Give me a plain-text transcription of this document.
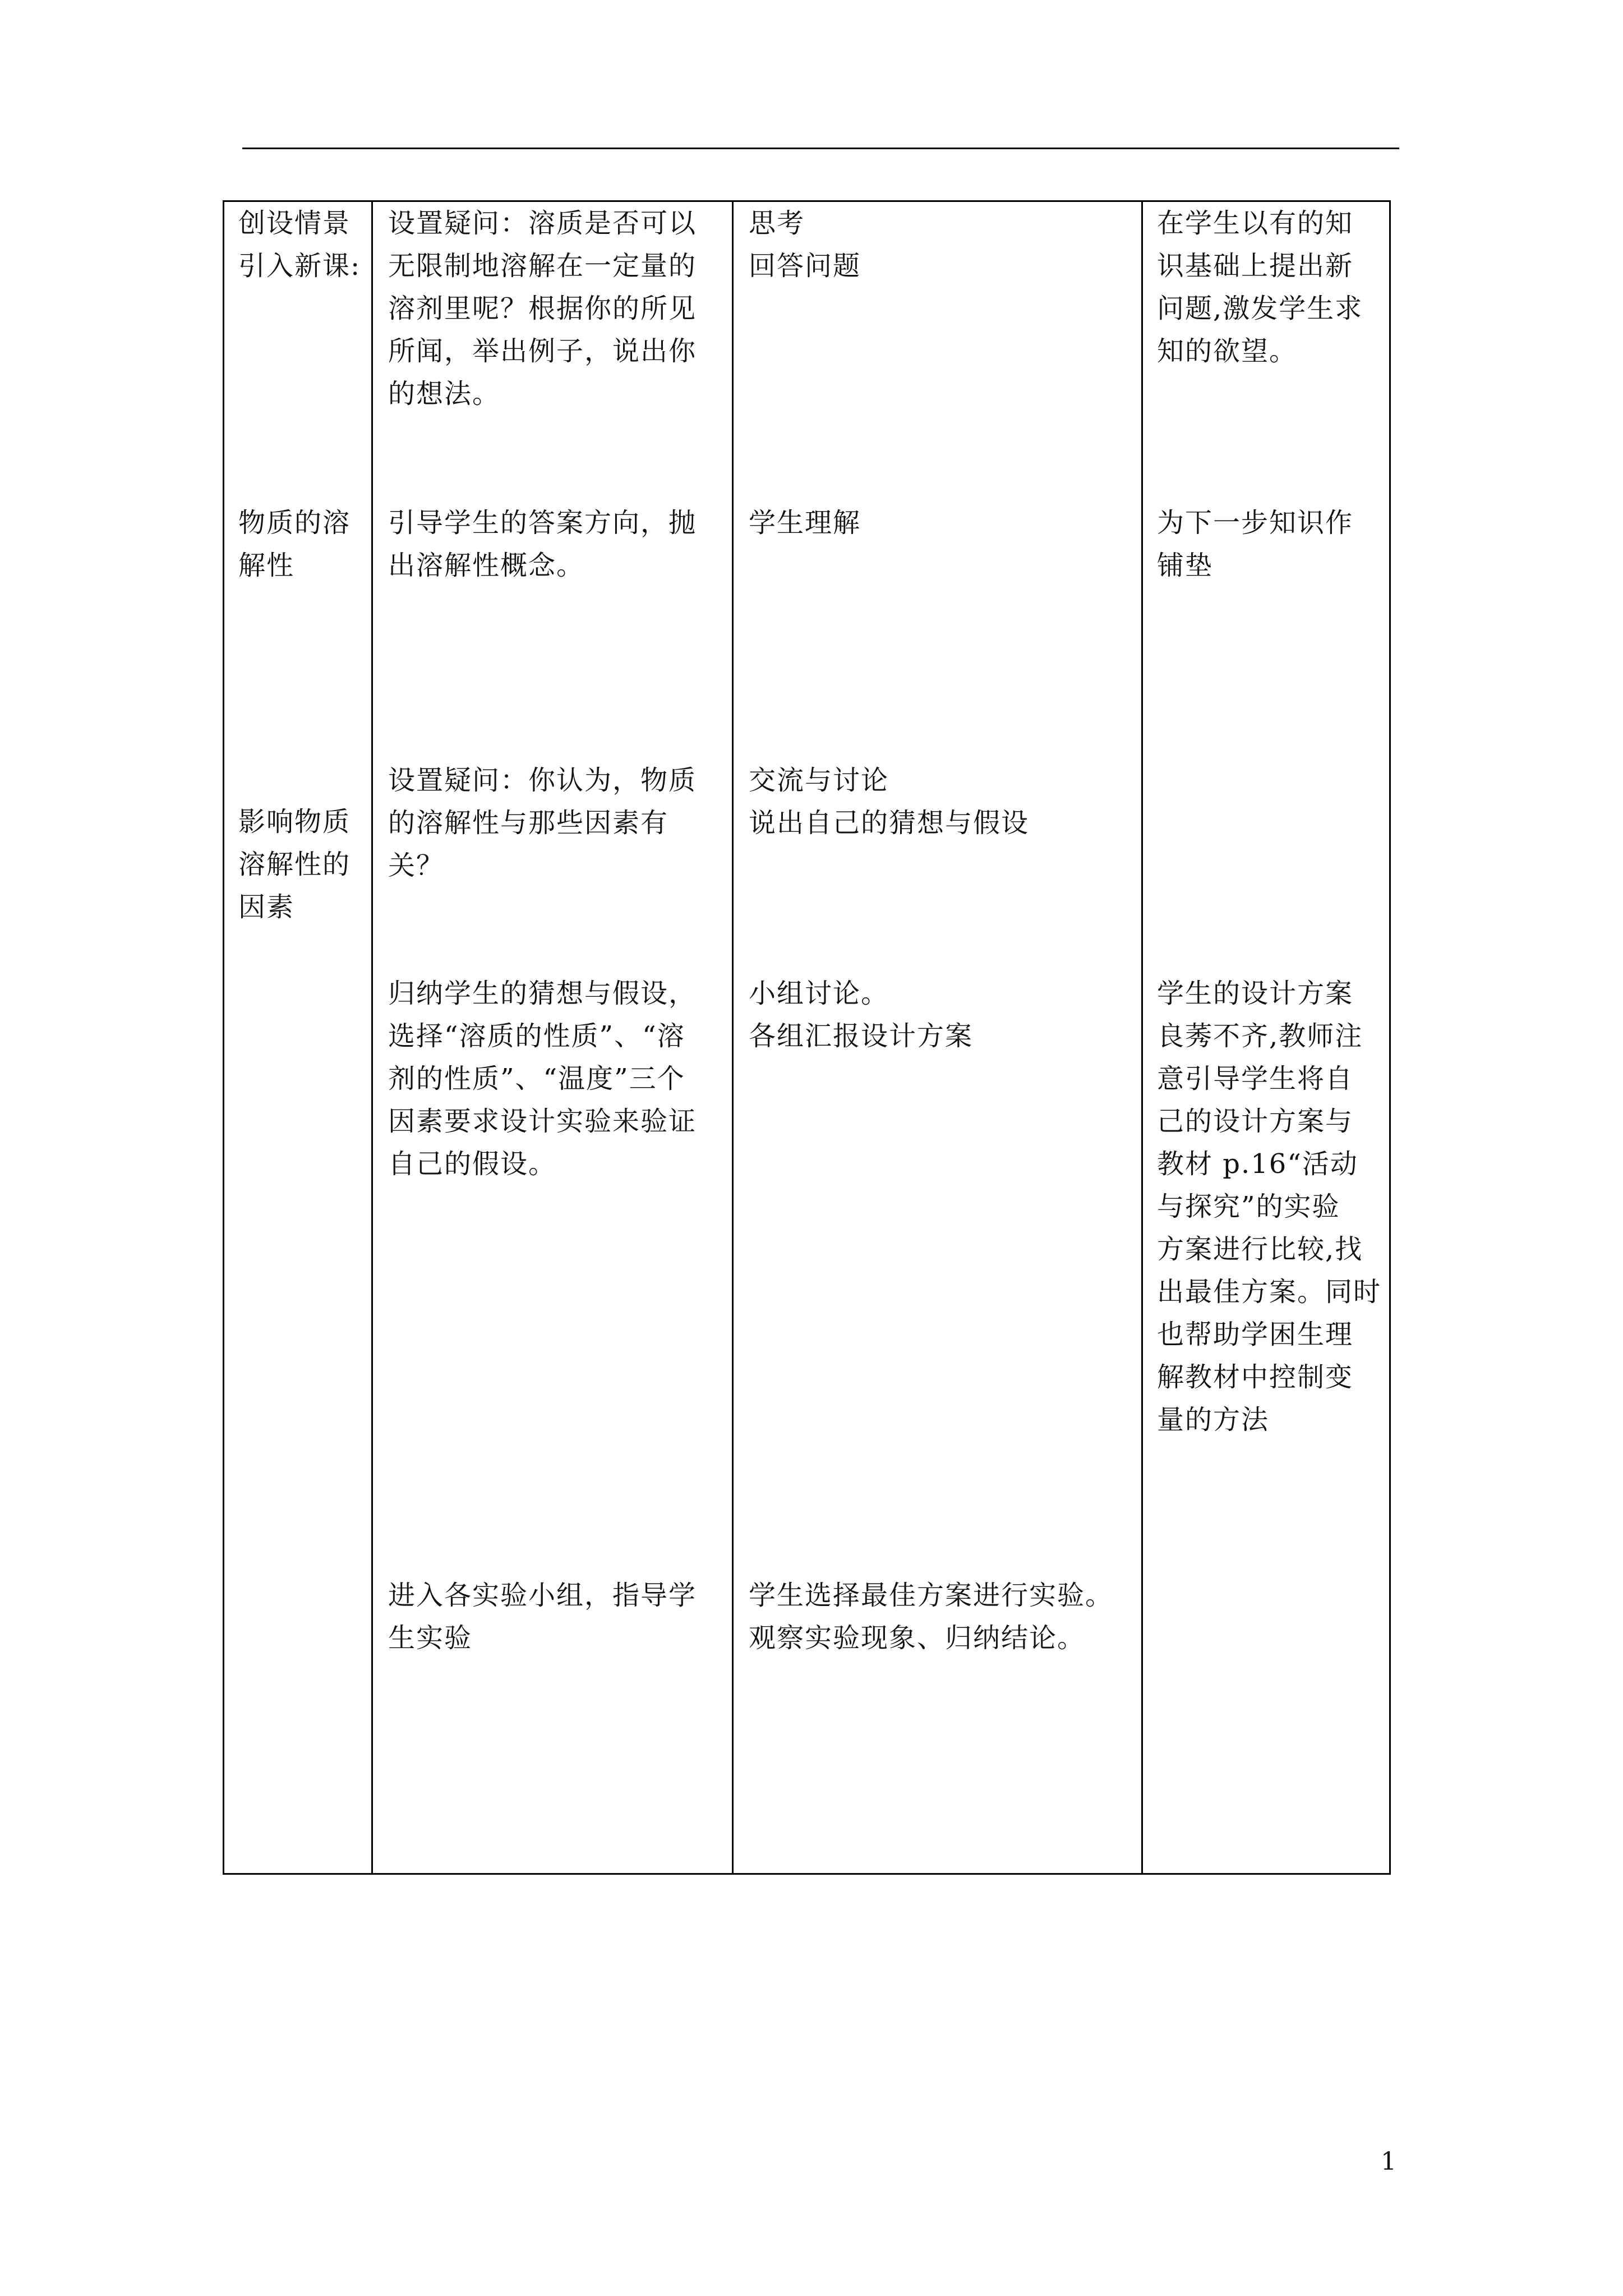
创设情景
引入新课:
物质的溶
解性
影响物质
溶解性的
因素
设置疑问：溶质是否可以
无限制地溶解在一定量的
溶剂里呢？根据你的所见
所闻，举出例子，说出你
的想法。
引导学生的答案方向，抛
出溶解性概念。
设置疑问：你认为，物质
的溶解性与那些因素有
关？
归纳学生的猜想与假设，
选择“溶质的性质”、“溶
剂的性质”、“温度”三个
因素要求设计实验来验证
自己的假设。
进入各实验小组，指导学
生实验
思考
回答问题
学生理解
交流与讨论
说出自己的猜想与假设
小组讨论。
各组汇报设计方案
学生选择最佳方案进行实验。
观察实验现象、归纳结论。
在学生以有的知
识基础上提出新
问题,激发学生求
知的欲望。
为下一步知识作
铺垫
学生的设计方案
良莠不齐,教师注
意引导学生将自
己的设计方案与
教材 p.16“活动
与探究”的实验
方案进行比较,找
出最佳方案。同时
也帮助学困生理
解教材中控制变
量的方法
1
